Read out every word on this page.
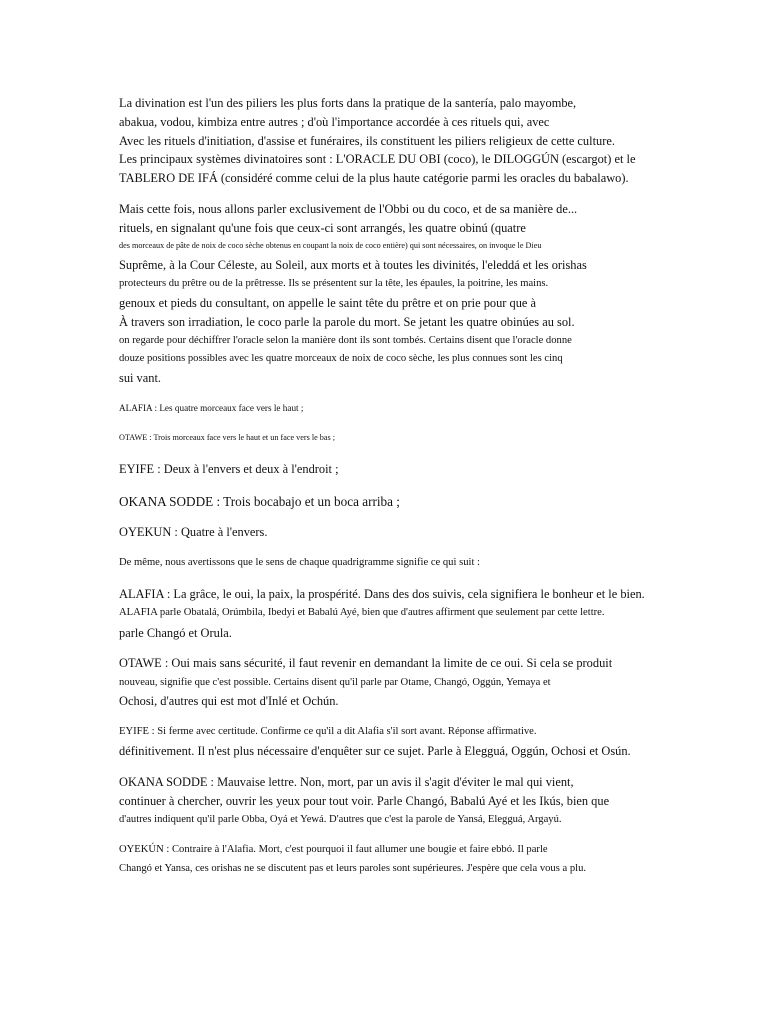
La divination est l'un des piliers les plus forts dans la pratique de la santería, palo mayombe,
abakua, vodou, kimbiza entre autres ; d'où l'importance accordée à ces rituels qui, avec
Avec les rituels d'initiation, d'assise et funéraires, ils constituent les piliers religieux de cette culture.
Les principaux systèmes divinatoires sont : L'ORACLE DU OBI (coco), le DILOGGÚN (escargot) et le
TABLERO DE IFÁ (considéré comme celui de la plus haute catégorie parmi les oracles du babalawo).
Mais cette fois, nous allons parler exclusivement de l'Obbi ou du coco, et de sa manière de...
rituels, en signalant qu'une fois que ceux-ci sont arrangés, les quatre obinú (quatre
des morceaux de pâte de noix de coco sèche obtenus en coupant la noix de coco entière) qui sont nécessaires, on invoque le Dieu
Suprême, à la Cour Céleste, au Soleil, aux morts et à toutes les divinités, l'eleddá et les orishas
protecteurs du prêtre ou de la prêtresse. Ils se présentent sur la tête, les épaules, la poitrine, les mains.
genoux et pieds du consultant, on appelle le saint tête du prêtre et on prie pour que à
À travers son irradiation, le coco parle la parole du mort. Se jetant les quatre obinúes au sol.
on regarde pour déchiffrer l'oracle selon la manière dont ils sont tombés. Certains disent que l'oracle donne
douze positions possibles avec les quatre morceaux de noix de coco sèche, les plus connues sont les cinq
sui vant.
ALAFIA : Les quatre morceaux face vers le haut ;
OTAWE : Trois morceaux face vers le haut et un face vers le bas ;
EYIFE : Deux à l'envers et deux à l'endroit ;
OKANA SODDE : Trois bocabajo et un boca arriba ;
OYEKUN : Quatre à l'envers.
De même, nous avertissons que le sens de chaque quadrigramme signifie ce qui suit :
ALAFIA : La grâce, le oui, la paix, la prospérité. Dans des dos suivis, cela signifiera le bonheur et le bien.
ALAFIA parle Obatalá, Orúmbila, Ibedyi et Babalú Ayé, bien que d'autres affirment que seulement par cette lettre.
parle Changó et Orula.
OTAWE : Oui mais sans sécurité, il faut revenir en demandant la limite de ce oui. Si cela se produit
nouveau, signifie que c'est possible. Certains disent qu'il parle par Otame, Changó, Oggún, Yemaya et
Ochosi, d'autres qui est mot d'Inlé et Ochún.
EYIFE : Si ferme avec certitude. Confirme ce qu'il a dit Alafia s'il sort avant. Réponse affirmative.
définitivement. Il n'est plus nécessaire d'enquêter sur ce sujet. Parle à Elegguá, Oggún, Ochosi et Osún.
OKANA SODDE : Mauvaise lettre. Non, mort, par un avis il s'agit d'éviter le mal qui vient,
continuer à chercher, ouvrir les yeux pour tout voir. Parle Changó, Babalú Ayé et les Ikús, bien que
d'autres indiquent qu'il parle Obba, Oyá et Yewá. D'autres que c'est la parole de Yansá, Elegguá, Argayú.
OYEKÚN : Contraire à l'Alafia. Mort, c'est pourquoi il faut allumer une bougie et faire ebbó. Il parle
Changó et Yansa, ces orishas ne se discutent pas et leurs paroles sont supérieures. J'espère que cela vous a plu.
